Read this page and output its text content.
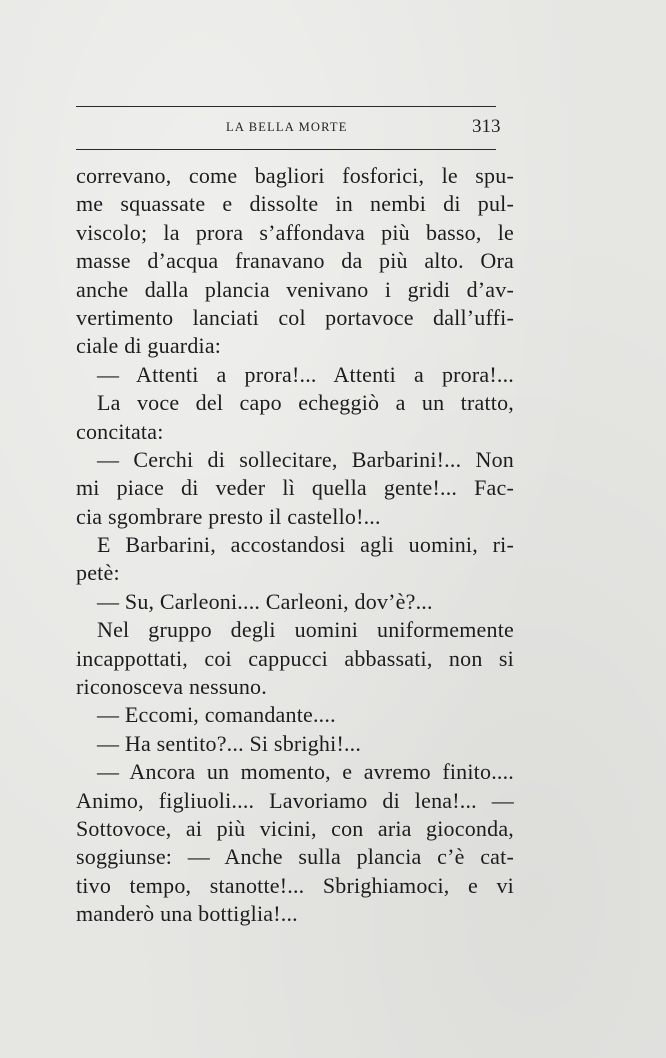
LA BELLA MORTE	313
correvano, come bagliori fosforici, le spu-
me squassate e dissolte in nembi di pul-
viscolo; la prora s’affondava più basso, le
masse d’acqua franavano da più alto. Ora
anche dalla plancia venivano i gridi d’av-
vertimento lanciati col portavoce dall’uffi-
ciale di guardia:
— Attenti a prora!... Attenti a prora!...
La voce del capo echeggiò a un tratto,
concitata:
— Cerchi di sollecitare, Barbarini!... Non
mi piace di veder lì quella gente!... Fac-
cia sgombrare presto il castello!...
E Barbarini, accostandosi agli uomini, ri-
petè:
— Su, Carleoni.... Carleoni, dov’è?...
Nel gruppo degli uomini uniformemente
incappottati, coi cappucci abbassati, non si
riconosceva nessuno.
— Eccomi, comandante....
— Ha sentito?... Si sbrighi!...
— Ancora un momento, e avremo finito....
Animo, figliuoli.... Lavoriamo di lena!... —
Sottovoce, ai più vicini, con aria gioconda,
soggiunse: — Anche sulla plancia c’è cat-
tivo tempo, stanotte!... Sbrighiamoci, e vi
manderò una bottiglia!...
